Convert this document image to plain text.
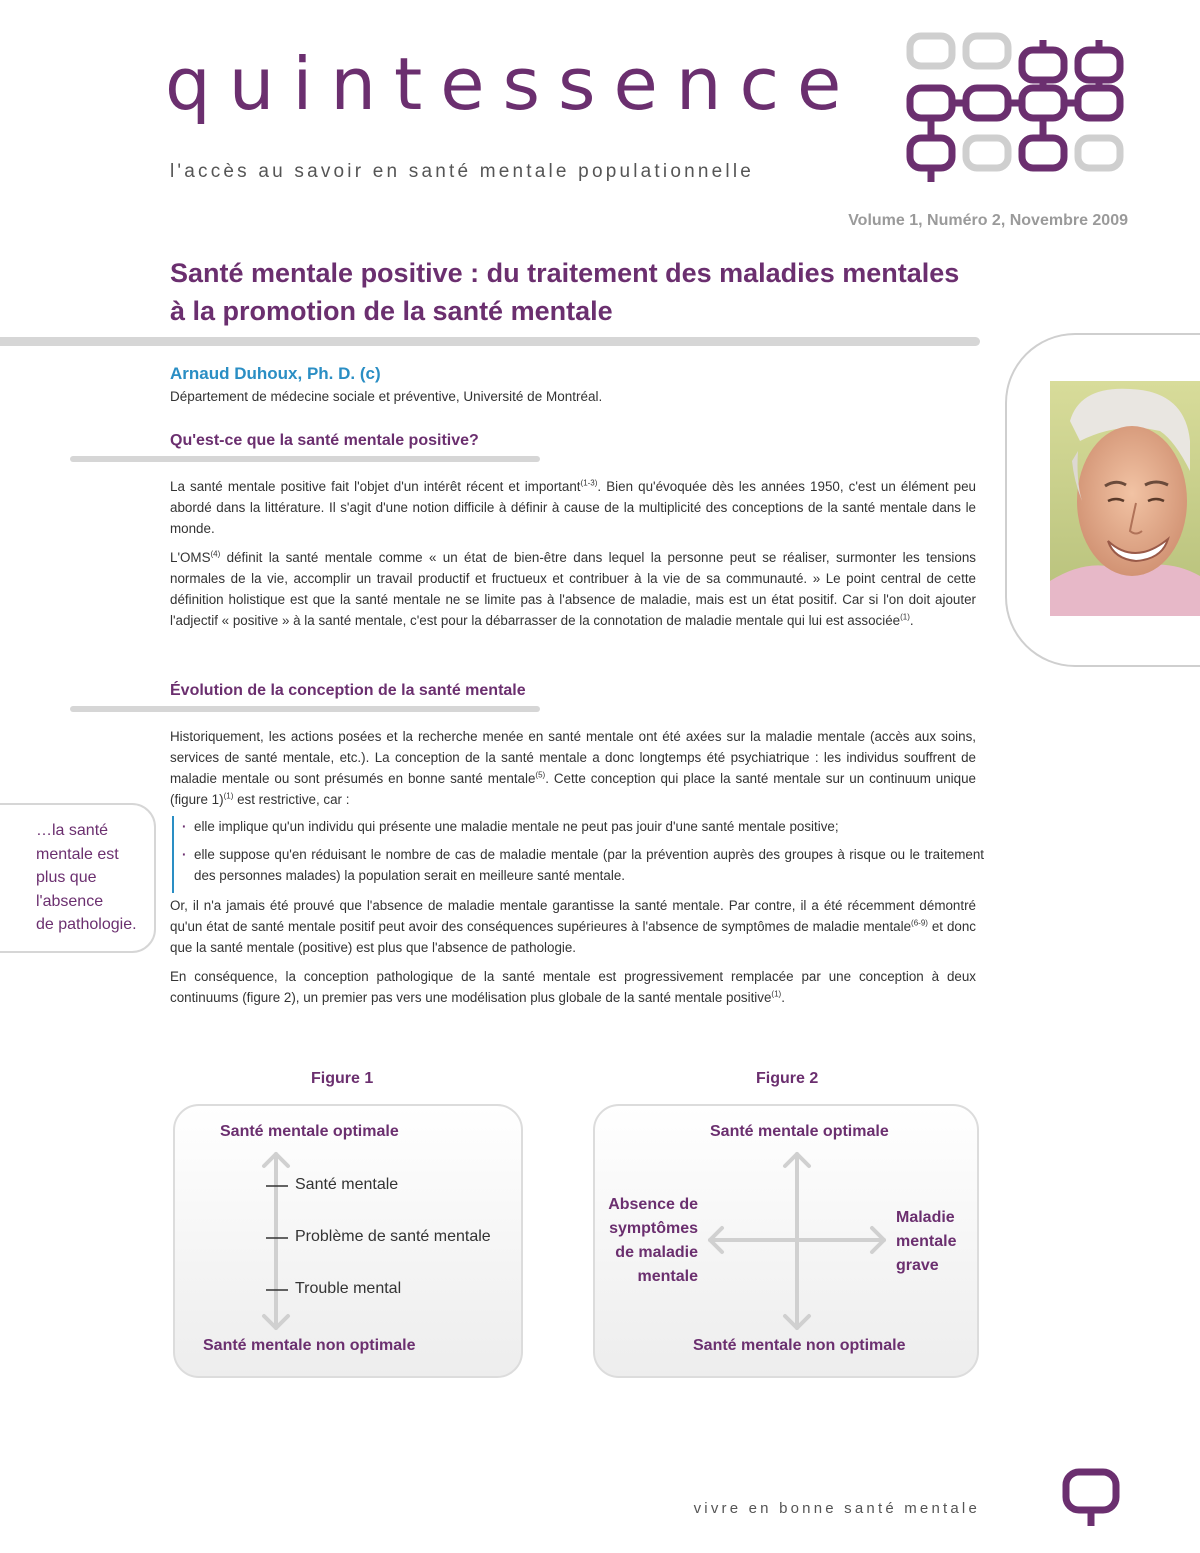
quintessence
l'accès au savoir en santé mentale populationnelle
Volume 1, Numéro 2, Novembre 2009
Santé mentale positive : du traitement des maladies mentales
à la promotion de la santé mentale
Arnaud Duhoux, Ph. D. (c)
Département de médecine sociale et préventive, Université de Montréal.
Qu'est-ce que la santé mentale positive?

La santé mentale positive fait l'objet d'un intérêt récent et important$^{(1-3)}$. Bien qu'évoquée dès les années 1950, c'est un élément peu abordé dans la littérature. Il s'agit d'une notion difficile à définir à cause de la multiplicité des conceptions de la santé mentale dans le monde.

L'OMS$^{(4)}$ définit la santé mentale comme « un état de bien-être dans lequel la personne peut se réaliser, surmonter les tensions normales de la vie, accomplir un travail productif et fructueux et contribuer à la vie de sa communauté. » Le point central de cette définition holistique est que la santé mentale ne se limite pas à l'absence de maladie, mais est un état positif. Car si l'on doit ajouter l'adjectif « positive » à la santé mentale, c'est pour la débarrasser de la connotation de maladie mentale qui lui est associée$^{(1)}$.

Évolution de la conception de la santé mentale

Historiquement, les actions posées et la recherche menée en santé mentale ont été axées sur la maladie mentale (accès aux soins, services de santé mentale, etc.). La conception de la santé mentale a donc longtemps été psychiatrique : les individus souffrent de maladie mentale ou sont présumés en bonne santé mentale$^{(5)}$. Cette conception qui place la santé mentale sur un continuum unique (figure 1)$^{(1)}$ est restrictive, car :

· elle implique qu'un individu qui présente une maladie mentale ne peut pas jouir d'une santé mentale positive;

· elle suppose qu'en réduisant le nombre de cas de maladie mentale (par la prévention auprès des groupes à risque ou le traitement des personnes malades) la population serait en meilleure santé mentale.

Or, il n'a jamais été prouvé que l'absence de maladie mentale garantisse la santé mentale. Par contre, il a été récemment démontré qu'un état de santé mentale positif peut avoir des conséquences supérieures à l'absence de symptômes de maladie mentale$^{(6-9)}$ et donc que la santé mentale (positive) est plus que l'absence de pathologie.

En conséquence, la conception pathologique de la santé mentale est progressivement remplacée par une conception à deux continuums (figure 2), un premier pas vers une modélisation plus globale de la santé mentale positive$^{(1)}$.

…la santé
mentale est
plus que
l'absence
de pathologie.
Figure 1
Santé mentale optimale
Santé mentale
Problème de santé mentale
Trouble mental
Santé mentale non optimale
Figure 2
Santé mentale optimale
Absence de
symptômes
de maladie
mentale
Maladie
mentale
grave
Santé mentale non optimale
vivre en bonne santé mentale
